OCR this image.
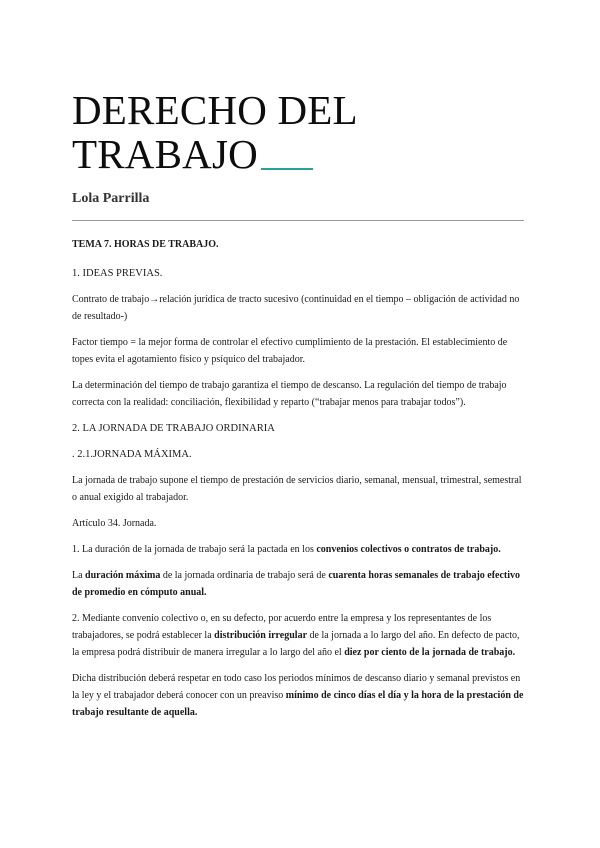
DERECHO DEL
TRABAJO

Lola Parrilla

TEMA 7. HORAS DE TRABAJO.

1. IDEAS PREVIAS.

Contrato de trabajo→relación jurídica de tracto sucesivo (continuidad en el tiempo – obligación de actividad no de resultado-)

Factor tiempo = la mejor forma de controlar el efectivo cumplimiento de la prestación. El establecimiento de topes evita el agotamiento físico y psíquico del trabajador.

La determinación del tiempo de trabajo garantiza el tiempo de descanso. La regulación del tiempo de trabajo correcta con la realidad: conciliación, flexibilidad y reparto (“trabajar menos para trabajar todos”).

2. LA JORNADA DE TRABAJO ORDINARIA

. 2.1.JORNADA MÁXIMA.

La jornada de trabajo supone el tiempo de prestación de servicios diario, semanal, mensual, trimestral, semestral o anual exigido al trabajador.

Artículo 34. Jornada.

1. La duración de la jornada de trabajo será la pactada en los convenios colectivos o contratos de trabajo.

La duración máxima de la jornada ordinaria de trabajo será de cuarenta horas semanales de trabajo efectivo de promedio en cómputo anual.

2. Mediante convenio colectivo o, en su defecto, por acuerdo entre la empresa y los representantes de los trabajadores, se podrá establecer la distribución irregular de la jornada a lo largo del año. En defecto de pacto, la empresa podrá distribuir de manera irregular a lo largo del año el diez por ciento de la jornada de trabajo.

Dicha distribución deberá respetar en todo caso los periodos mínimos de descanso diario y semanal previstos en la ley y el trabajador deberá conocer con un preaviso mínimo de cinco días el día y la hora de la prestación de trabajo resultante de aquella.
